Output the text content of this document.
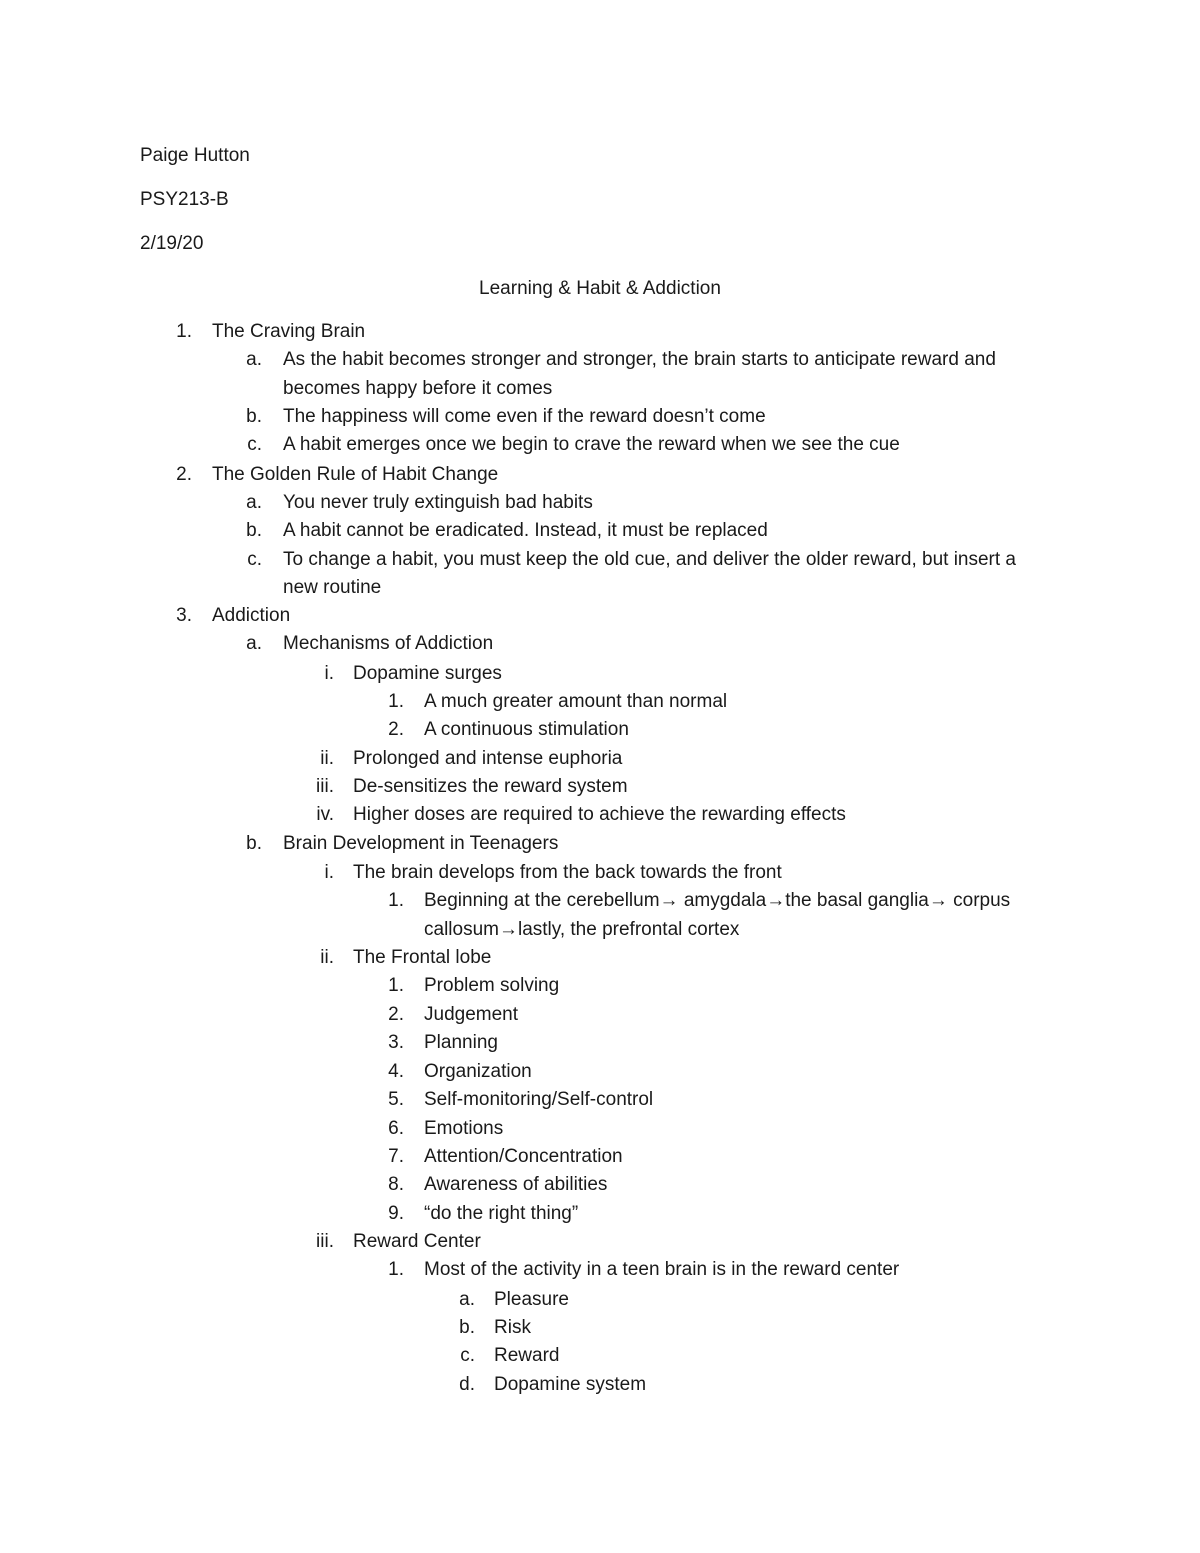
Paige Hutton
PSY213-B
2/19/20
Learning & Habit & Addiction
1. The Craving Brain
a. As the habit becomes stronger and stronger, the brain starts to anticipate reward and
becomes happy before it comes
b. The happiness will come even if the reward doesn’t come
c. A habit emerges once we begin to crave the reward when we see the cue
2. The Golden Rule of Habit Change
a. You never truly extinguish bad habits
b. A habit cannot be eradicated. Instead, it must be replaced
c. To change a habit, you must keep the old cue, and deliver the older reward, but insert a
new routine
3. Addiction
a. Mechanisms of Addiction
i. Dopamine surges
1. A much greater amount than normal
2. A continuous stimulation
ii. Prolonged and intense euphoria
iii. De-sensitizes the reward system
iv. Higher doses are required to achieve the rewarding effects
b. Brain Development in Teenagers
i. The brain develops from the back towards the front
1. Beginning at the cerebellum→ amygdala→the basal ganglia→ corpus
callosum→lastly, the prefrontal cortex
ii. The Frontal lobe
1. Problem solving
2. Judgement
3. Planning
4. Organization
5. Self-monitoring/Self-control
6. Emotions
7. Attention/Concentration
8. Awareness of abilities
9. “do the right thing”
iii. Reward Center
1. Most of the activity in a teen brain is in the reward center
a. Pleasure
b. Risk
c. Reward
d. Dopamine system
